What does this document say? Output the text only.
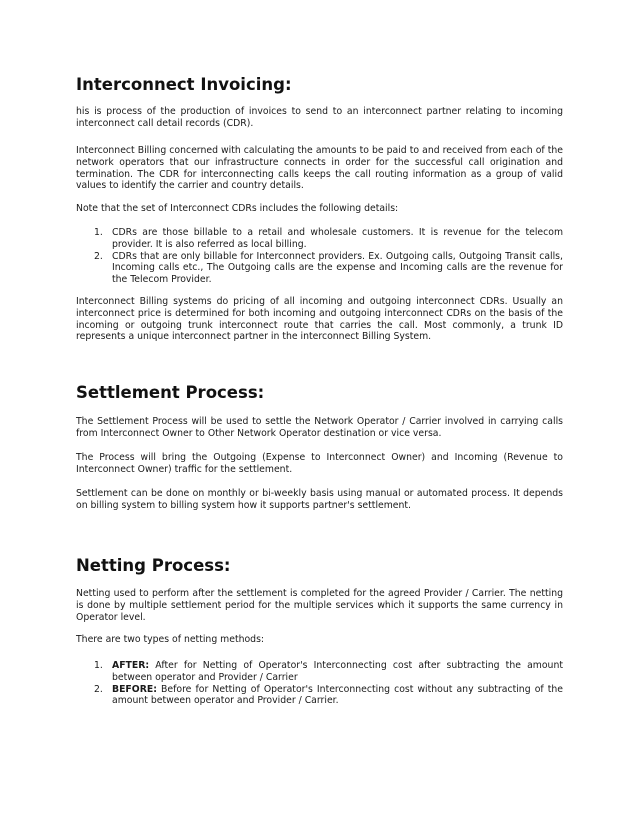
Interconnect Invoicing:

his is process of the production of invoices to send to an interconnect partner relating to incoming interconnect call detail records (CDR).

Interconnect Billing concerned with calculating the amounts to be paid to and received from each of the network operators that our infrastructure connects in order for the successful call origination and termination. The CDR for interconnecting calls keeps the call routing information as a group of valid values to identify the carrier and country details.

Note that the set of Interconnect CDRs includes the following details:

1. CDRs are those billable to a retail and wholesale customers. It is revenue for the telecom provider. It is also referred as local billing.
2. CDRs that are only billable for Interconnect providers. Ex. Outgoing calls, Outgoing Transit calls, Incoming calls etc., The Outgoing calls are the expense and Incoming calls are the revenue for the Telecom Provider.

Interconnect Billing systems do pricing of all incoming and outgoing interconnect CDRs. Usually an interconnect price is determined for both incoming and outgoing interconnect CDRs on the basis of the incoming or outgoing trunk interconnect route that carries the call. Most commonly, a trunk ID represents a unique interconnect partner in the interconnect Billing System.

Settlement Process:

The Settlement Process will be used to settle the Network Operator / Carrier involved in carrying calls from Interconnect Owner to Other Network Operator destination or vice versa.

The Process will bring the Outgoing (Expense to Interconnect Owner) and Incoming (Revenue to Interconnect Owner) traffic for the settlement.

Settlement can be done on monthly or bi-weekly basis using manual or automated process. It depends on billing system to billing system how it supports partner's settlement.

Netting Process:

Netting used to perform after the settlement is completed for the agreed Provider / Carrier. The netting is done by multiple settlement period for the multiple services which it supports the same currency in Operator level.

There are two types of netting methods:

1. AFTER: After for Netting of Operator's Interconnecting cost after subtracting the amount between operator and Provider / Carrier
2. BEFORE: Before for Netting of Operator's Interconnecting cost without any subtracting of the amount between operator and Provider / Carrier.
